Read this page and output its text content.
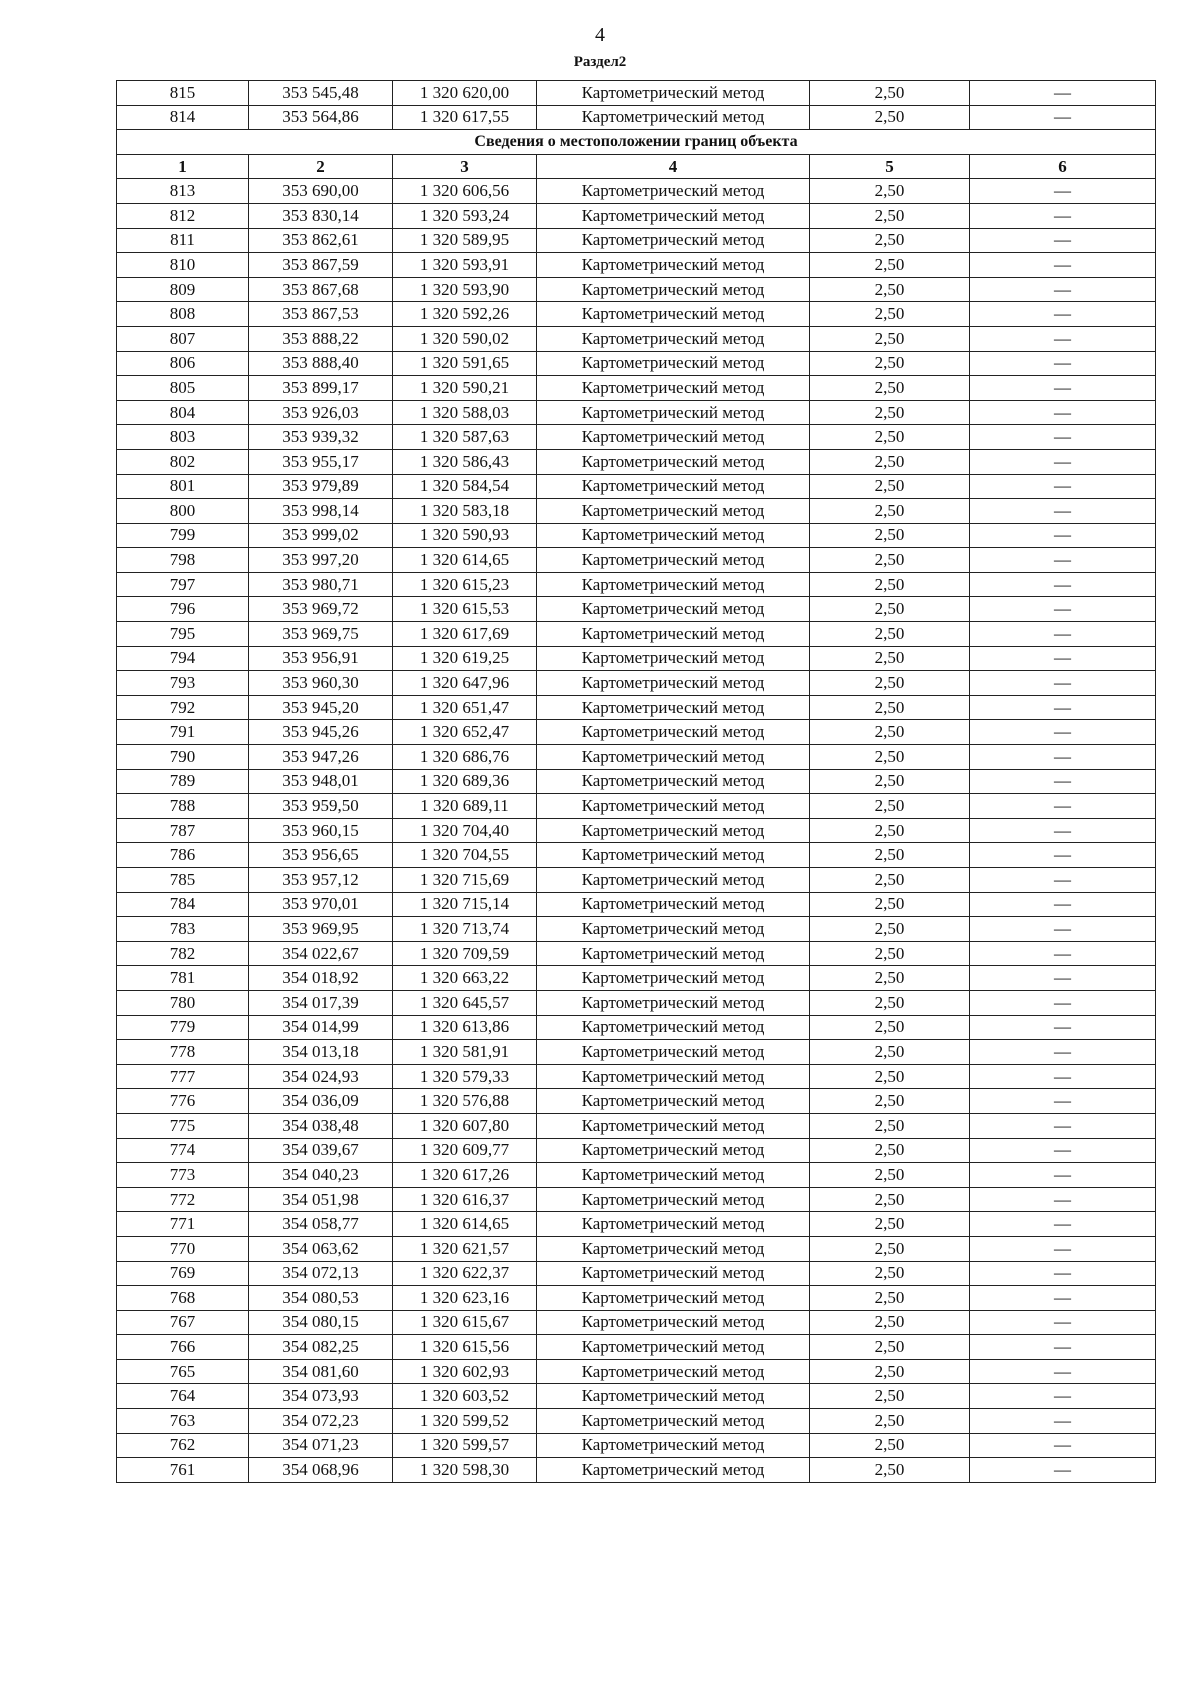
4
Раздел2
815	353 545,48	1 320 620,00	Картометрический метод	2,50	—
814	353 564,86	1 320 617,55	Картометрический метод	2,50	—
Сведения о местоположении границ объекта					
1	2	3	4	5	6
813	353 690,00	1 320 606,56	Картометрический метод	2,50	—
812	353 830,14	1 320 593,24	Картометрический метод	2,50	—
811	353 862,61	1 320 589,95	Картометрический метод	2,50	—
810	353 867,59	1 320 593,91	Картометрический метод	2,50	—
809	353 867,68	1 320 593,90	Картометрический метод	2,50	—
808	353 867,53	1 320 592,26	Картометрический метод	2,50	—
807	353 888,22	1 320 590,02	Картометрический метод	2,50	—
806	353 888,40	1 320 591,65	Картометрический метод	2,50	—
805	353 899,17	1 320 590,21	Картометрический метод	2,50	—
804	353 926,03	1 320 588,03	Картометрический метод	2,50	—
803	353 939,32	1 320 587,63	Картометрический метод	2,50	—
802	353 955,17	1 320 586,43	Картометрический метод	2,50	—
801	353 979,89	1 320 584,54	Картометрический метод	2,50	—
800	353 998,14	1 320 583,18	Картометрический метод	2,50	—
799	353 999,02	1 320 590,93	Картометрический метод	2,50	—
798	353 997,20	1 320 614,65	Картометрический метод	2,50	—
797	353 980,71	1 320 615,23	Картометрический метод	2,50	—
796	353 969,72	1 320 615,53	Картометрический метод	2,50	—
795	353 969,75	1 320 617,69	Картометрический метод	2,50	—
794	353 956,91	1 320 619,25	Картометрический метод	2,50	—
793	353 960,30	1 320 647,96	Картометрический метод	2,50	—
792	353 945,20	1 320 651,47	Картометрический метод	2,50	—
791	353 945,26	1 320 652,47	Картометрический метод	2,50	—
790	353 947,26	1 320 686,76	Картометрический метод	2,50	—
789	353 948,01	1 320 689,36	Картометрический метод	2,50	—
788	353 959,50	1 320 689,11	Картометрический метод	2,50	—
787	353 960,15	1 320 704,40	Картометрический метод	2,50	—
786	353 956,65	1 320 704,55	Картометрический метод	2,50	—
785	353 957,12	1 320 715,69	Картометрический метод	2,50	—
784	353 970,01	1 320 715,14	Картометрический метод	2,50	—
783	353 969,95	1 320 713,74	Картометрический метод	2,50	—
782	354 022,67	1 320 709,59	Картометрический метод	2,50	—
781	354 018,92	1 320 663,22	Картометрический метод	2,50	—
780	354 017,39	1 320 645,57	Картометрический метод	2,50	—
779	354 014,99	1 320 613,86	Картометрический метод	2,50	—
778	354 013,18	1 320 581,91	Картометрический метод	2,50	—
777	354 024,93	1 320 579,33	Картометрический метод	2,50	—
776	354 036,09	1 320 576,88	Картометрический метод	2,50	—
775	354 038,48	1 320 607,80	Картометрический метод	2,50	—
774	354 039,67	1 320 609,77	Картометрический метод	2,50	—
773	354 040,23	1 320 617,26	Картометрический метод	2,50	—
772	354 051,98	1 320 616,37	Картометрический метод	2,50	—
771	354 058,77	1 320 614,65	Картометрический метод	2,50	—
770	354 063,62	1 320 621,57	Картометрический метод	2,50	—
769	354 072,13	1 320 622,37	Картометрический метод	2,50	—
768	354 080,53	1 320 623,16	Картометрический метод	2,50	—
767	354 080,15	1 320 615,67	Картометрический метод	2,50	—
766	354 082,25	1 320 615,56	Картометрический метод	2,50	—
765	354 081,60	1 320 602,93	Картометрический метод	2,50	—
764	354 073,93	1 320 603,52	Картометрический метод	2,50	—
763	354 072,23	1 320 599,52	Картометрический метод	2,50	—
762	354 071,23	1 320 599,57	Картометрический метод	2,50	—
761	354 068,96	1 320 598,30	Картометрический метод	2,50	—
